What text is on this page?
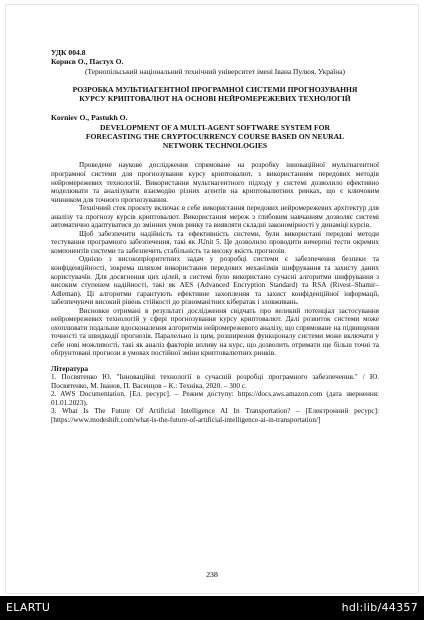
УДК 004.8
Корнєв О., Пастух О.
(Тернопільський національний технічний університет імені Івана Пулюя, Україна)
РОЗРОБКА МУЛЬТИАГЕНТНОЇ ПРОГРАМНОЇ СИСТЕМИ ПРОГНОЗУВАННЯ
КУРСУ КРИПТОВАЛЮТ НА ОСНОВІ НЕЙРОМЕРЕЖЕВИХ ТЕХНОЛОГІЙ
Korniev O., Pastukh O.
DEVELOPMENT OF A MULTI-AGENT SOFTWARE SYSTEM FOR
FORECASTING THE CRYPTOCURRENCY COURSE BASED ON NEURAL
NETWORK TECHNOLOGIES

Проведене наукове дослідження спрямоване на розробку інноваційної мультиагентної програмної системи для прогнозування курсу криптовалют, з використанням передових методів нейромережевих технологій. Використання мультиагентного підходу у системі дозволило ефективно моделювати та аналізувати взаємодію різних агентів на криптовалютних ринках, що є ключовим чинником для точного прогнозування.

Технічний стек проєкту включає в себе використання передових нейромережевих архітектур для аналізу та прогнозу курсів криптовалют. Використання мереж з глибоким навчанням дозволяє системі автоматично адаптуватися до змінних умов ринку та виявляти складні закономірності у динаміці курсів.

Щоб забезпечити надійність та ефективність системи, були використані передові методи тестування програмного забезпечення, такі як JUnit 5. Це дозволило проводити вичерпні тести окремих компонентів системи та забезпечить стабільність та високу якість прогнозів.

Однією з високопріоритетних задач у розробці системи є забезпечення безпеки та конфіденційності, зокрема шляхом використання передових механізмів шифрування та захисту даних користувачів. Для досягнення цих цілей, в системі було використано сучасні алгоритми шифрування з високим ступенем надійності, такі як AES (Advanced Encryption Standard) та RSA (Rivest–Shamir–Adleman). Ці алгоритми гарантують ефективне захоплення та захист конфіденційної інформації, забезпечуючи високий рівень стійкості до різноманітних кібератак і зловживань.

Висновки отримані в результаті дослідження свідчать про великий потенціал застосування нейромережевих технологій у сфері прогнозування курсу криптовалют. Далі розвиток системи може охоплювати подальше вдосконалення алгоритмів нейромережевого аналізу, що спрямоване на підвищення точності та швидкодії прогнозів. Паралельно із цим, розширення функціоналу системи може включати у себе нові можливості, такі як аналіз факторів впливу на курс, що дозволить отримати ще більш точні та обґрунтовані прогнози в умовах постійної зміни криптовалютних ринків.

Література

1. Посвятенко Ю. "Інноваційні технології в сучасній розробці програмного забезпечення." / Ю. Посвятенко, М. Іванов, П. Васенцов – К.: Техніка, 2020. – 300 с.

2. AWS Documentation. [Ел. ресурс]. – Режим доступу: https://docs.aws.amazon.com (дата звернення: 01.01.2023).

3. What Is The Future Of Artificial Intelligence AI In Transportation? – [Електронний ресурс]: [https://www.modeshift.com/what-is-the-future-of-artificial-intelligence-ai-in-transportation/]

238
ELARTU	hdl:lib/44357
